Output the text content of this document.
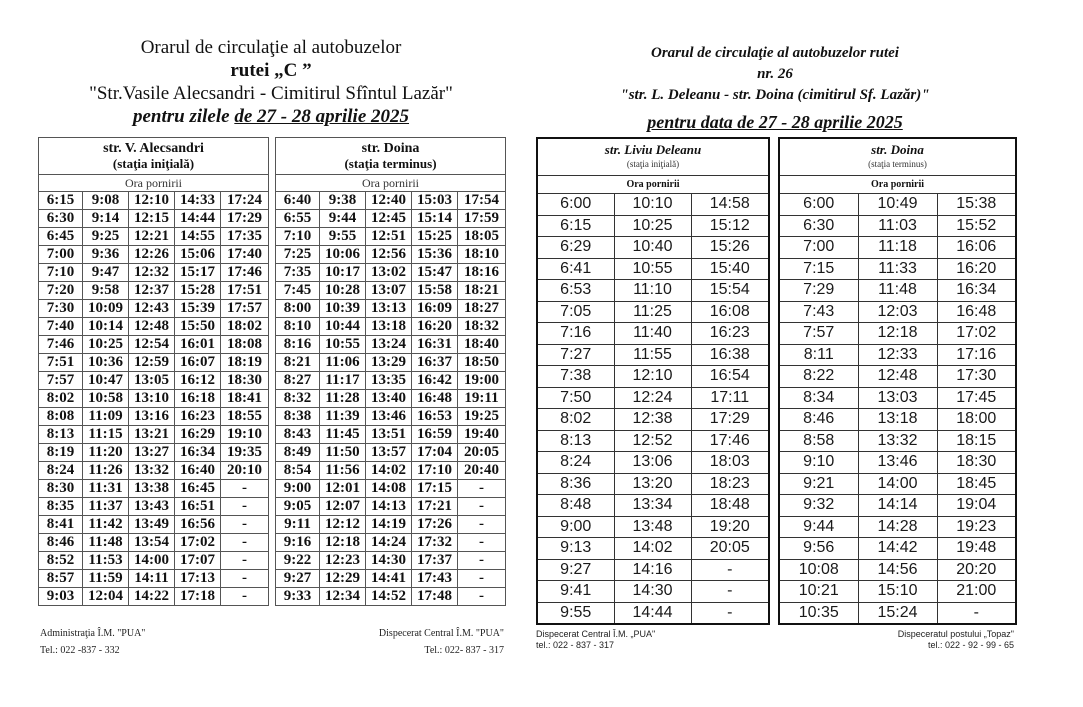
Orarul de circulaţie al autobuzelor
rutei „C ”
"Str.Vasile Alecsandri - Cimitirul Sfîntul Lazăr"
pentru zilele de 27 - 28 aprilie 2025
str. V. Alecsandri
(staţia iniţială)				

Ora pornirii				
6:15	9:08	12:10	14:33	17:24
6:30	9:14	12:15	14:44	17:29
6:45	9:25	12:21	14:55	17:35
7:00	9:36	12:26	15:06	17:40
7:10	9:47	12:32	15:17	17:46
7:20	9:58	12:37	15:28	17:51
7:30	10:09	12:43	15:39	17:57
7:40	10:14	12:48	15:50	18:02
7:46	10:25	12:54	16:01	18:08
7:51	10:36	12:59	16:07	18:19
7:57	10:47	13:05	16:12	18:30
8:02	10:58	13:10	16:18	18:41
8:08	11:09	13:16	16:23	18:55
8:13	11:15	13:21	16:29	19:10
8:19	11:20	13:27	16:34	19:35
8:24	11:26	13:32	16:40	20:10
8:30	11:31	13:38	16:45	-
8:35	11:37	13:43	16:51	-
8:41	11:42	13:49	16:56	-
8:46	11:48	13:54	17:02	-
8:52	11:53	14:00	17:07	-
8:57	11:59	14:11	17:13	-
9:03	12:04	14:22	17:18	-
str. Doina
(staţia terminus)				

Ora pornirii				
6:40	9:38	12:40	15:03	17:54
6:55	9:44	12:45	15:14	17:59
7:10	9:55	12:51	15:25	18:05
7:25	10:06	12:56	15:36	18:10
7:35	10:17	13:02	15:47	18:16
7:45	10:28	13:07	15:58	18:21
8:00	10:39	13:13	16:09	18:27
8:10	10:44	13:18	16:20	18:32
8:16	10:55	13:24	16:31	18:40
8:21	11:06	13:29	16:37	18:50
8:27	11:17	13:35	16:42	19:00
8:32	11:28	13:40	16:48	19:11
8:38	11:39	13:46	16:53	19:25
8:43	11:45	13:51	16:59	19:40
8:49	11:50	13:57	17:04	20:05
8:54	11:56	14:02	17:10	20:40
9:00	12:01	14:08	17:15	-
9:05	12:07	14:13	17:21	-
9:11	12:12	14:19	17:26	-
9:16	12:18	14:24	17:32	-
9:22	12:23	14:30	17:37	-
9:27	12:29	14:41	17:43	-
9:33	12:34	14:52	17:48	-
Administraţia Î.M. "PUA"
Tel.: 022 -837 - 332
Dispecerat Central Î.M. "PUA"
Tel.: 022- 837 - 317
Orarul de circulaţie al autobuzelor rutei
nr. 26
"str. L. Deleanu - str. Doina (cimitirul Sf. Lazăr)"
pentru data de 27 - 28 aprilie 2025
str. Liviu Deleanu
(staţia iniţială)		

Ora pornirii		
6:00	10:10	14:58
6:15	10:25	15:12
6:29	10:40	15:26
6:41	10:55	15:40
6:53	11:10	15:54
7:05	11:25	16:08
7:16	11:40	16:23
7:27	11:55	16:38
7:38	12:10	16:54
7:50	12:24	17:11
8:02	12:38	17:29
8:13	12:52	17:46
8:24	13:06	18:03
8:36	13:20	18:23
8:48	13:34	18:48
9:00	13:48	19:20
9:13	14:02	20:05
9:27	14:16	-
9:41	14:30	-
9:55	14:44	-
str. Doina
(staţia terminus)		

Ora pornirii		
6:00	10:49	15:38
6:30	11:03	15:52
7:00	11:18	16:06
7:15	11:33	16:20
7:29	11:48	16:34
7:43	12:03	16:48
7:57	12:18	17:02
8:11	12:33	17:16
8:22	12:48	17:30
8:34	13:03	17:45
8:46	13:18	18:00
8:58	13:32	18:15
9:10	13:46	18:30
9:21	14:00	18:45
9:32	14:14	19:04
9:44	14:28	19:23
9:56	14:42	19:48
10:08	14:56	20:20
10:21	15:10	21:00
10:35	15:24	-
Dispecerat Central Î.M. „PUA"
tel.: 022 - 837 - 317
Dispeceratul postului „Topaz"
tel.: 022 - 92 - 99 - 65
